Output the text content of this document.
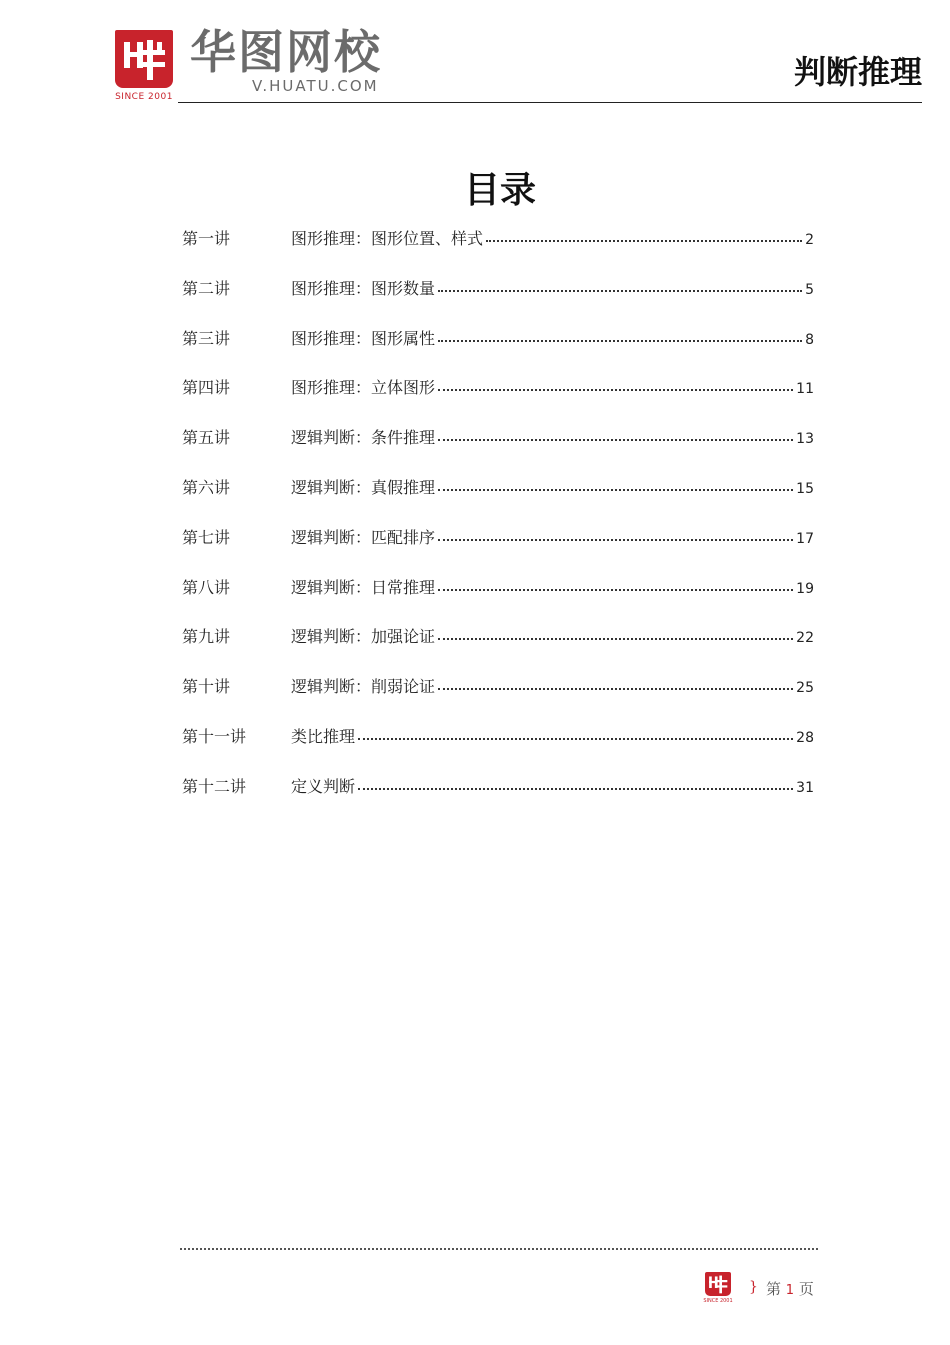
SINCE 2001
华图网校
V.HUATU.COM	判断推理
目录
第一讲	图形推理：图形位置、样式	2
第二讲	图形推理：图形数量	5
第三讲	图形推理：图形属性	8
第四讲	图形推理：立体图形	11
第五讲	逻辑判断：条件推理	13
第六讲	逻辑判断：真假推理	15
第七讲	逻辑判断：匹配排序	17
第八讲	逻辑判断：日常推理	19
第九讲	逻辑判断：加强论证	22
第十讲	逻辑判断：削弱论证	25
第十一讲	类比推理	28
第十二讲	定义判断	31
SINCE 2001
} 第 1 页
